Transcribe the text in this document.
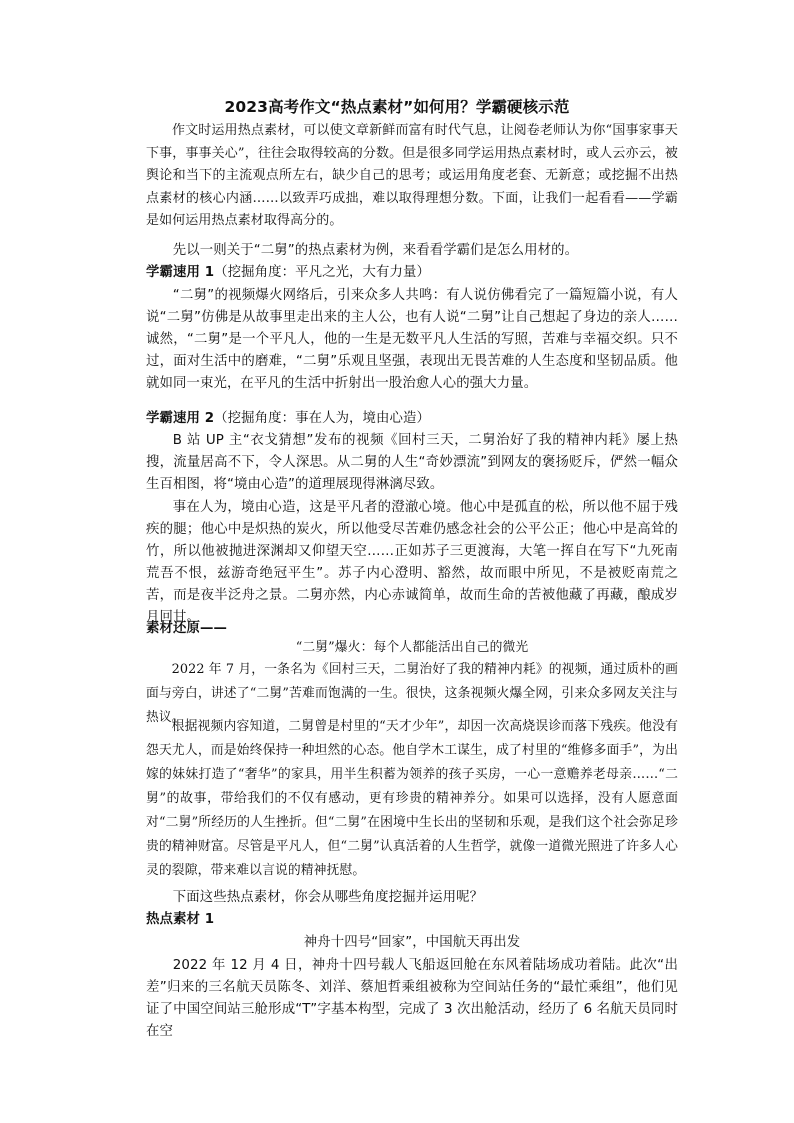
2023高考作文“热点素材”如何用？学霸硬核示范
作文时运用热点素材，可以使文章新鲜而富有时代气息，让阅卷老师认为你“国事家事天下事，事事关心”，往往会取得较高的分数。但是很多同学运用热点素材时，或人云亦云，被舆论和当下的主流观点所左右，缺少自己的思考；或运用角度老套、无新意；或挖掘不出热点素材的核心内涵……以致弄巧成拙，难以取得理想分数。下面，让我们一起看看——学霸是如何运用热点素材取得高分的。
先以一则关于“二舅”的热点素材为例，来看看学霸们是怎么用材的。
学霸速用 1（挖掘角度：平凡之光，大有力量）
“二舅”的视频爆火网络后，引来众多人共鸣：有人说仿佛看完了一篇短篇小说，有人说“二舅”仿佛是从故事里走出来的主人公，也有人说“二舅”让自己想起了身边的亲人……诚然，“二舅”是一个平凡人，他的一生是无数平凡人生活的写照，苦难与幸福交织。只不过，面对生活中的磨难，“二舅”乐观且坚强，表现出无畏苦难的人生态度和坚韧品质。他就如同一束光，在平凡的生活中折射出一股治愈人心的强大力量。
学霸速用 2（挖掘角度：事在人为，境由心造）
B 站 UP 主“衣戈猜想”发布的视频《回村三天，二舅治好了我的精神内耗》屡上热搜，流量居高不下，令人深思。从二舅的人生“奇妙漂流”到网友的褒扬贬斥，俨然一幅众生百相图，将“境由心造”的道理展现得淋漓尽致。
事在人为，境由心造，这是平凡者的澄澈心境。他心中是孤直的松，所以他不屈于残疾的腿；他心中是炽热的炭火，所以他受尽苦难仍感念社会的公平公正；他心中是高耸的竹，所以他被抛进深渊却又仰望天空……正如苏子三更渡海，大笔一挥自在写下“九死南荒吾不恨，兹游奇绝冠平生”。苏子内心澄明、豁然，故而眼中所见，不是被贬南荒之苦，而是夜半泛舟之景。二舅亦然，内心赤诚简单，故而生命的苦被他藏了再藏，酿成岁月回甘。
素材还原——
“二舅”爆火：每个人都能活出自己的微光
2022 年 7 月，一条名为《回村三天，二舅治好了我的精神内耗》的视频，通过质朴的画面与旁白，讲述了“二舅”苦难而饱满的一生。很快，这条视频火爆全网，引来众多网友关注与热议。
根据视频内容知道，二舅曾是村里的“天才少年”，却因一次高烧误诊而落下残疾。他没有怨天尤人，而是始终保持一种坦然的心态。他自学木工谋生，成了村里的“维修多面手”，为出嫁的妹妹打造了“奢华”的家具，用半生积蓄为领养的孩子买房，一心一意赡养老母亲……“二舅”的故事，带给我们的不仅有感动，更有珍贵的精神养分。如果可以选择，没有人愿意面对“二舅”所经历的人生挫折。但“二舅”在困境中生长出的坚韧和乐观，是我们这个社会弥足珍贵的精神财富。尽管是平凡人，但“二舅”认真活着的人生哲学，就像一道微光照进了许多人心灵的裂隙，带来难以言说的精神抚慰。
下面这些热点素材，你会从哪些角度挖掘并运用呢？
热点素材 1
神舟十四号“回家”，中国航天再出发
2022 年 12 月 4 日，神舟十四号载人飞船返回舱在东风着陆场成功着陆。此次“出差”归来的三名航天员陈冬、刘洋、蔡旭哲乘组被称为空间站任务的“最忙乘组”，他们见证了中国空间站三舱形成“T”字基本构型，完成了 3 次出舱活动，经历了 6 名航天员同时在空
